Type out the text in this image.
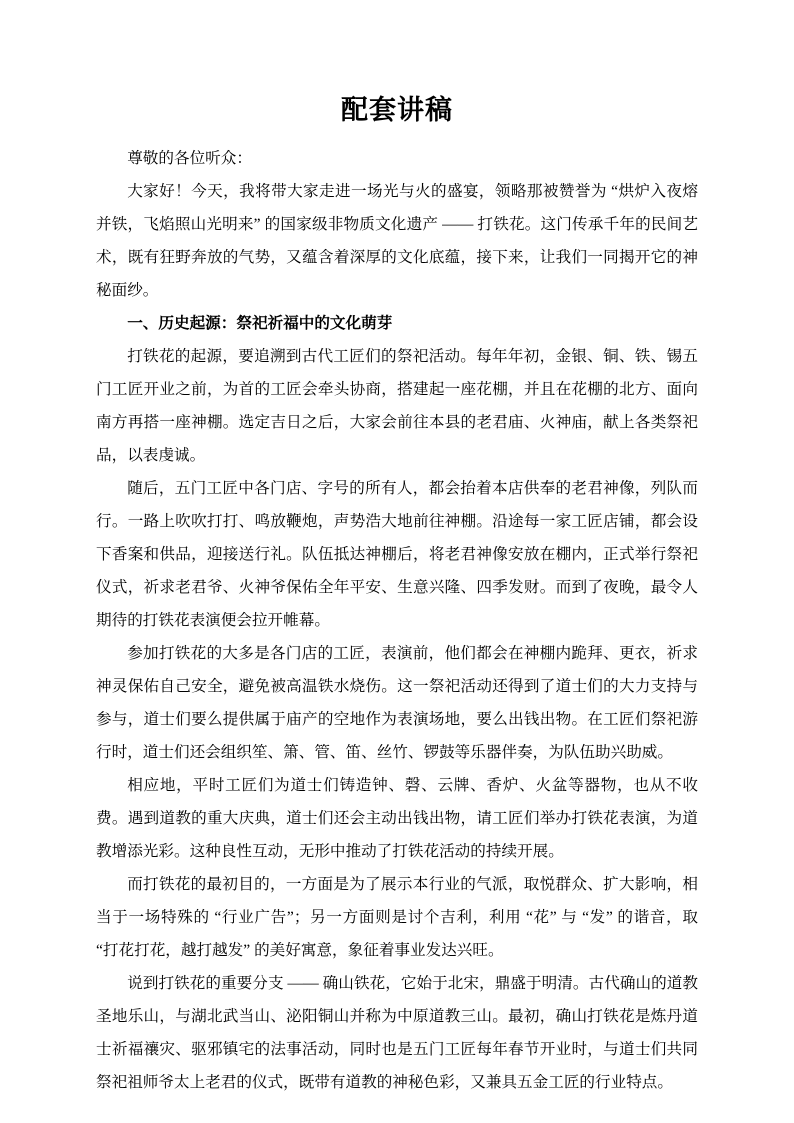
配套讲稿

尊敬的各位听众：

大家好！今天，我将带大家走进一场光与火的盛宴，领略那被赞誉为 “烘炉入夜熔并铁，飞焰照山光明来” 的国家级非物质文化遗产 —— 打铁花。这门传承千年的民间艺术，既有狂野奔放的气势，又蕴含着深厚的文化底蕴，接下来，让我们一同揭开它的神秘面纱。

一、历史起源：祭祀祈福中的文化萌芽

打铁花的起源，要追溯到古代工匠们的祭祀活动。每年年初，金银、铜、铁、锡五门工匠开业之前，为首的工匠会牵头协商，搭建起一座花棚，并且在花棚的北方、面向南方再搭一座神棚。选定吉日之后，大家会前往本县的老君庙、火神庙，献上各类祭祀品，以表虔诚。

随后，五门工匠中各门店、字号的所有人，都会抬着本店供奉的老君神像，列队而行。一路上吹吹打打、鸣放鞭炮，声势浩大地前往神棚。沿途每一家工匠店铺，都会设下香案和供品，迎接送行礼。队伍抵达神棚后，将老君神像安放在棚内，正式举行祭祀仪式，祈求老君爷、火神爷保佑全年平安、生意兴隆、四季发财。而到了夜晚，最令人期待的打铁花表演便会拉开帷幕。

参加打铁花的大多是各门店的工匠，表演前，他们都会在神棚内跪拜、更衣，祈求神灵保佑自己安全，避免被高温铁水烧伤。这一祭祀活动还得到了道士们的大力支持与参与，道士们要么提供属于庙产的空地作为表演场地，要么出钱出物。在工匠们祭祀游行时，道士们还会组织笙、箫、管、笛、丝竹、锣鼓等乐器伴奏，为队伍助兴助威。

相应地，平时工匠们为道士们铸造钟、磬、云牌、香炉、火盆等器物，也从不收费。遇到道教的重大庆典，道士们还会主动出钱出物，请工匠们举办打铁花表演，为道教增添光彩。这种良性互动，无形中推动了打铁花活动的持续开展。

而打铁花的最初目的，一方面是为了展示本行业的气派，取悦群众、扩大影响，相当于一场特殊的 “行业广告”；另一方面则是讨个吉利，利用 “花” 与 “发” 的谐音，取 “打花打花，越打越发” 的美好寓意，象征着事业发达兴旺。

说到打铁花的重要分支 —— 确山铁花，它始于北宋，鼎盛于明清。古代确山的道教圣地乐山，与湖北武当山、泌阳铜山并称为中原道教三山。最初，确山打铁花是炼丹道士祈福禳灾、驱邪镇宅的法事活动，同时也是五门工匠每年春节开业时，与道士们共同祭祀祖师爷太上老君的仪式，既带有道教的神秘色彩，又兼具五金工匠的行业特点。
